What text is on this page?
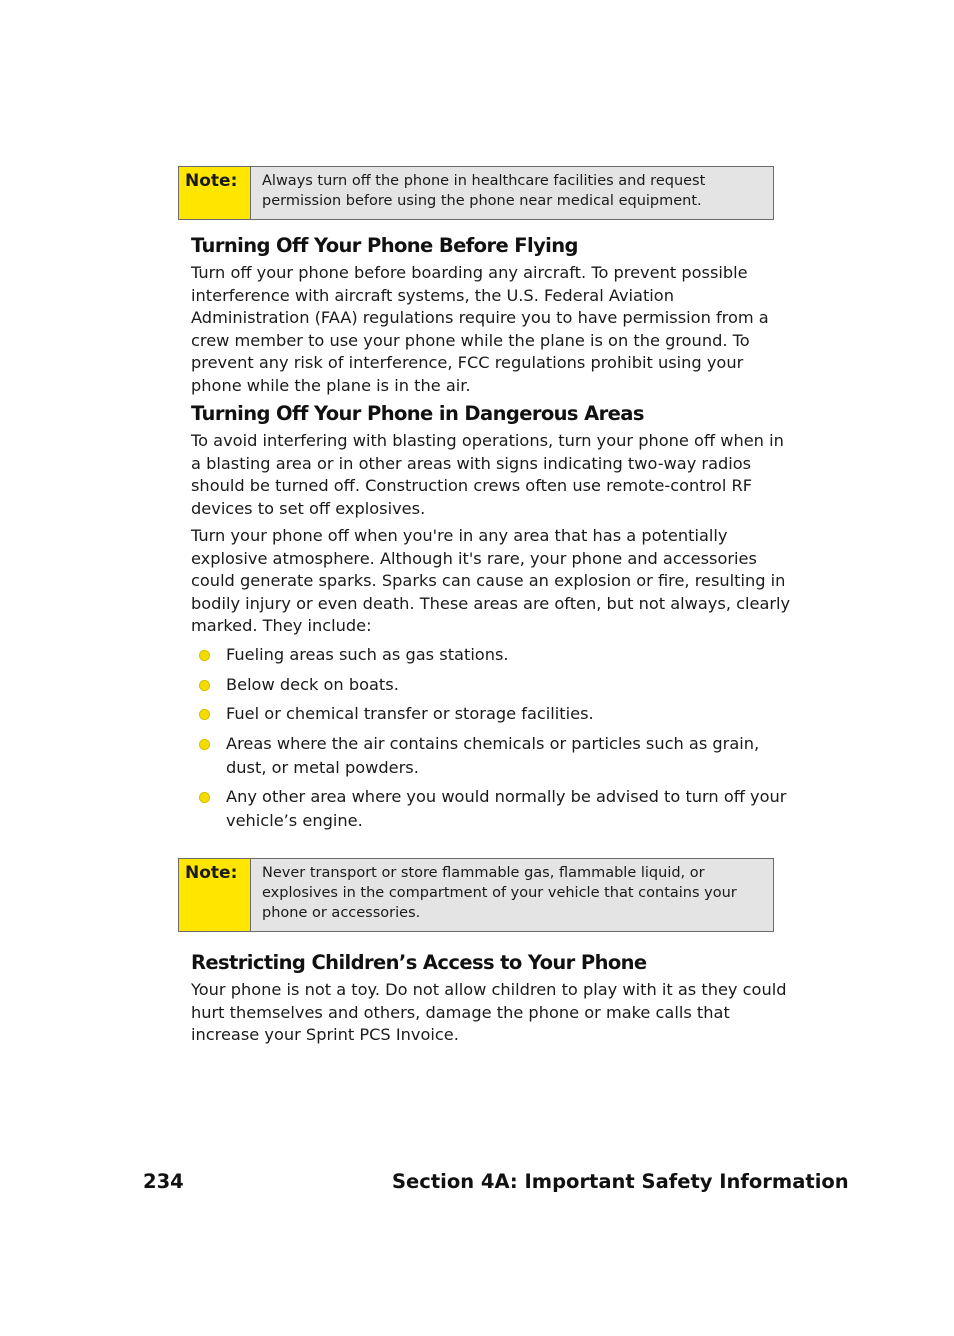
Note:	Always turn off the phone in healthcare facilities and request permission before using the phone near medical equipment.
Turning Off Your Phone Before Flying

Turn off your phone before boarding any aircraft. To prevent possible interference with aircraft systems, the U.S. Federal Aviation Administration (FAA) regulations require you to have permission from a crew member to use your phone while the plane is on the ground. To prevent any risk of interference, FCC regulations prohibit using your phone while the plane is in the air.

Turning Off Your Phone in Dangerous Areas

To avoid interfering with blasting operations, turn your phone off when in a blasting area or in other areas with signs indicating two-way radios should be turned off. Construction crews often use remote-control RF devices to set off explosives.

Turn your phone off when you're in any area that has a potentially explosive atmosphere. Although it's rare, your phone and accessories could generate sparks. Sparks can cause an explosion or fire, resulting in bodily injury or even death. These areas are often, but not always, clearly marked. They include:

Fueling areas such as gas stations.
Below deck on boats.
Fuel or chemical transfer or storage facilities.
Areas where the air contains chemicals or particles such as grain, dust, or metal powders.
Any other area where you would normally be advised to turn off your vehicle’s engine.
Note:	Never transport or store flammable gas, flammable liquid, or explosives in the compartment of your vehicle that contains your phone or accessories.
Restricting Children’s Access to Your Phone

Your phone is not a toy. Do not allow children to play with it as they could hurt themselves and others, damage the phone or make calls that increase your Sprint PCS Invoice.

234	Section 4A: Important Safety Information
